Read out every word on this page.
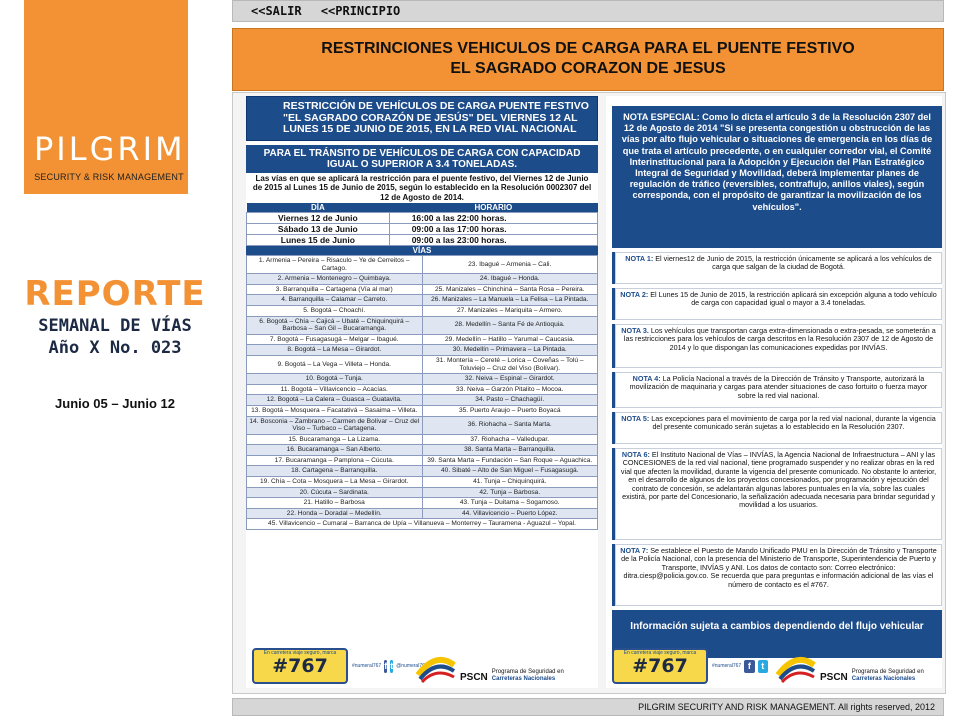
PILGRIM
SECURITY & RISK MANAGEMENT
REPORTE
SEMANAL DE VÍAS
Año X No. 023
Junio 05 – Junio 12
<<SALIR <<PRINCIPIO
RESTRINCIONES VEHICULOS DE CARGA PARA EL PUENTE FESTIVO
EL SAGRADO CORAZON DE JESUS
RESTRICCIÓN DE VEHÍCULOS DE CARGA PUENTE FESTIVO "EL SAGRADO CORAZÓN DE JESÚS" DEL VIERNES 12 AL LUNES 15 DE JUNIO DE 2015, EN LA RED VIAL NACIONAL
PARA EL TRÁNSITO DE VEHÍCULOS DE CARGA CON CAPACIDAD IGUAL O SUPERIOR A 3.4 TONELADAS.
Las vías en que se aplicará la restricción para el puente festivo, del Viernes 12 de Junio de 2015 al Lunes 15 de Junio de 2015, según lo establecido en la Resolución 0002307 del 12 de Agosto de 2014.
DÍA	HORARIO
Viernes 12 de Junio	16:00 a las 22:00 horas.
Sábado 13 de Junio	09:00 a las 17:00 horas.
Lunes 15 de Junio	09:00 a las 23:00 horas.
VÍAS
1. Armenia – Pereira – Risaculo – Ye de Cerreitos – Cartago.	23. Ibagué – Armenia – Cali.
2. Armenia – Montenegro – Quimbaya.	24. Ibagué – Honda.
3. Barranquilla – Cartagena (Vía al mar)	25. Manizales – Chinchiná – Santa Rosa – Pereira.
4. Barranquilla – Calamar – Carreto.	26. Manizales – La Manuela – La Felisa – La Pintada.
5. Bogotá – Choachí.	27. Manizales – Mariquita – Armero.
6. Bogotá – Chía – Cajicá – Ubaté – Chiquinquirá – Barbosa – San Gil – Bucaramanga.	28. Medellín – Santa Fé de Antioquia.
7. Bogotá – Fusagasugá – Melgar – Ibagué.	29. Medellín – Hatillo – Yarumal – Caucasia.
8. Bogotá – La Mesa – Girardot.	30. Medellín – Primavera – La Pintada.
9. Bogotá – La Vega – Villeta – Honda.	31. Montería – Cereté – Lorica – Coveñas – Tolú – Toluviejo – Cruz del Viso (Bolívar).
10. Bogotá – Tunja.	32. Neiva – Espinal – Girardot.
11. Bogotá – Villavicencio – Acacías.	33. Neiva – Garzón Pitalito – Mocoa.
12. Bogotá – La Calera – Guasca – Guatavita.	34. Pasto – Chachagüí.
13. Bogotá – Mosquera – Facatativá – Sasaima – Villeta.	35. Puerto Araujo – Puerto Boyacá
14. Bosconia – Zambrano – Carmen de Bolívar – Cruz del Viso – Turbaco – Cartagena.	36. Riohacha – Santa Marta.
15. Bucaramanga – La Lizama.	37. Riohacha – Valledupar.
16. Bucaramanga – San Alberto.	38. Santa Marta – Barranquilla.
17. Bucaramanga – Pamplona – Cúcuta.	39. Santa Marta – Fundación – San Roque – Aguachica.
18. Cartagena – Barranquilla.	40. Sibaté – Alto de San Miguel – Fusagasugá.
19. Chía – Cota – Mosquera – La Mesa – Girardot.	41. Tunja – Chiquinquirá.
20. Cúcuta – Sardinata.	42. Tunja – Barbosa.
21. Hatillo – Barbosa	43. Tunja – Duitama – Sogamoso.
22. Honda – Doradal – Medellín.	44. Villavicencio – Puerto López.
45. Villavicencio – Cumaral – Barranca de Upía – Villanueva – Monterrey – Tauramena - Aguazul – Yopal.	
En carretera viaje seguro, marca
#767	#numeral767 f t @numeral767
PSCN Programa de Seguridad en
Carreteras Nacionales
NOTA ESPECIAL: Como lo dicta el artículo 3 de la Resolución 2307 del 12 de Agosto de 2014 "Si se presenta congestión u obstrucción de las vías por alto flujo vehicular o situaciones de emergencia en los días de que trata el artículo precedente, o en cualquier corredor vial, el Comité Interinstitucional para la Adopción y Ejecución del Plan Estratégico Integral de Seguridad y Movilidad, deberá implementar planes de regulación de tráfico (reversibles, contraflujo, anillos viales), según corresponda, con el propósito de garantizar la movilización de los vehículos".
NOTA 1: El viernes12 de Junio de 2015, la restricción únicamente se aplicará a los vehículos de carga que salgan de la ciudad de Bogotá.
NOTA 2: El Lunes 15 de Junio de 2015, la restricción aplicará sin excepción alguna a todo vehículo de carga con capacidad igual o mayor a 3.4 toneladas.
NOTA 3. Los vehículos que transportan carga extra-dimensionada o extra-pesada, se someterán a las restricciones para los vehículos de carga descritos en la Resolución 2307 de 12 de Agosto de 2014 y lo que dispongan las comunicaciones expedidas por INVÍAS.
NOTA 4: La Policía Nacional a través de la Dirección de Tránsito y Transporte, autorizará la movilización de maquinaria y cargas para atender situaciones de caso fortuito o fuerza mayor sobre la red vial nacional.
NOTA 5: Las excepciones para el movimiento de carga por la red vial nacional, durante la vigencia del presente comunicado serán sujetas a lo establecido en la Resolución 2307.
NOTA 6: El Instituto Nacional de Vías – INVÍAS, la Agencia Nacional de Infraestructura – ANI y las CONCESIONES de la red vial nacional, tiene programado suspender y no realizar obras en la red vial que afecten la movilidad, durante la vigencia del presente comunicado. No obstante lo anterior, en el desarrollo de algunos de los proyectos concesionados, por programación y ejecución del contrato de concesión, se adelantarán algunas labores puntuales en la vía, sobre las cuales existirá, por parte del Concesionario, la señalización adecuada necesaria para brindar seguridad y movilidad a los usuarios.
NOTA 7: Se establece el Puesto de Mando Unificado PMU en la Dirección de Tránsito y Transporte de la Policía Nacional, con la presencia del Ministerio de Transporte, Superintendencia de Puerto y Transporte, INVÍAS y ANI. Los datos de contacto son: Correo electrónico: ditra.ciesp@policia.gov.co. Se recuerda que para preguntas e información adicional de las vías el número de contacto es el #767.
Información sujeta a cambios dependiendo del flujo vehicular
En carretera viaje seguro, marca
#767	#numeral767 f	t
PSCN Programa de Seguridad en
Carreteras Nacionales
PILGRIM SECURITY AND RISK MANAGEMENT. All rights reserved, 2012
